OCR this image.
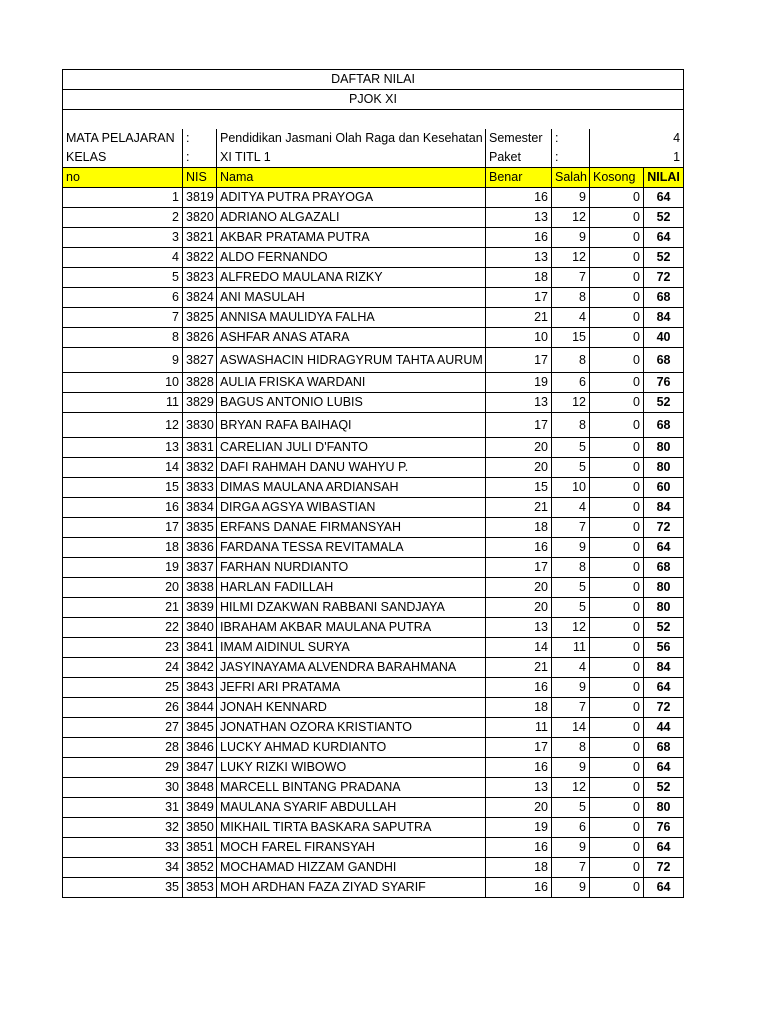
DAFTAR NILAI						
PJOK XI						

MATA PELAJARAN	:	Pendidikan Jasmani Olah Raga dan Kesehatan	Semester	:	4	
KELAS	:	XI TITL 1	Paket	:	1	
no	NIS	Nama	Benar	Salah	Kosong	NILAI
1	3819	ADITYA PUTRA PRAYOGA	16	9	0	64
2	3820	ADRIANO ALGAZALI	13	12	0	52
3	3821	AKBAR PRATAMA PUTRA	16	9	0	64
4	3822	ALDO FERNANDO	13	12	0	52
5	3823	ALFREDO MAULANA RIZKY	18	7	0	72
6	3824	ANI MASULAH	17	8	0	68
7	3825	ANNISA MAULIDYA FALHA	21	4	0	84
8	3826	ASHFAR ANAS ATARA	10	15	0	40
9	3827	ASWASHACIN HIDRAGYRUM TAHTA AURUM	17	8	0	68
10	3828	AULIA FRISKA WARDANI	19	6	0	76
11	3829	BAGUS ANTONIO LUBIS	13	12	0	52
12	3830	BRYAN RAFA BAIHAQI	17	8	0	68
13	3831	CARELIAN JULI D'FANTO	20	5	0	80
14	3832	DAFI RAHMAH DANU WAHYU P.	20	5	0	80
15	3833	DIMAS MAULANA ARDIANSAH	15	10	0	60
16	3834	DIRGA AGSYA WIBASTIAN	21	4	0	84
17	3835	ERFANS DANAE FIRMANSYAH	18	7	0	72
18	3836	FARDANA TESSA REVITAMALA	16	9	0	64
19	3837	FARHAN NURDIANTO	17	8	0	68
20	3838	HARLAN FADILLAH	20	5	0	80
21	3839	HILMI DZAKWAN RABBANI SANDJAYA	20	5	0	80
22	3840	IBRAHAM AKBAR MAULANA PUTRA	13	12	0	52
23	3841	IMAM AIDINUL SURYA	14	11	0	56
24	3842	JASYINAYAMA ALVENDRA BARAHMANA	21	4	0	84
25	3843	JEFRI ARI PRATAMA	16	9	0	64
26	3844	JONAH KENNARD	18	7	0	72
27	3845	JONATHAN OZORA KRISTIANTO	11	14	0	44
28	3846	LUCKY AHMAD KURDIANTO	17	8	0	68
29	3847	LUKY RIZKI WIBOWO	16	9	0	64
30	3848	MARCELL BINTANG PRADANA	13	12	0	52
31	3849	MAULANA SYARIF ABDULLAH	20	5	0	80
32	3850	MIKHAIL TIRTA BASKARA SAPUTRA	19	6	0	76
33	3851	MOCH FAREL FIRANSYAH	16	9	0	64
34	3852	MOCHAMAD HIZZAM GANDHI	18	7	0	72
35	3853	MOH ARDHAN FAZA ZIYAD SYARIF	16	9	0	64
